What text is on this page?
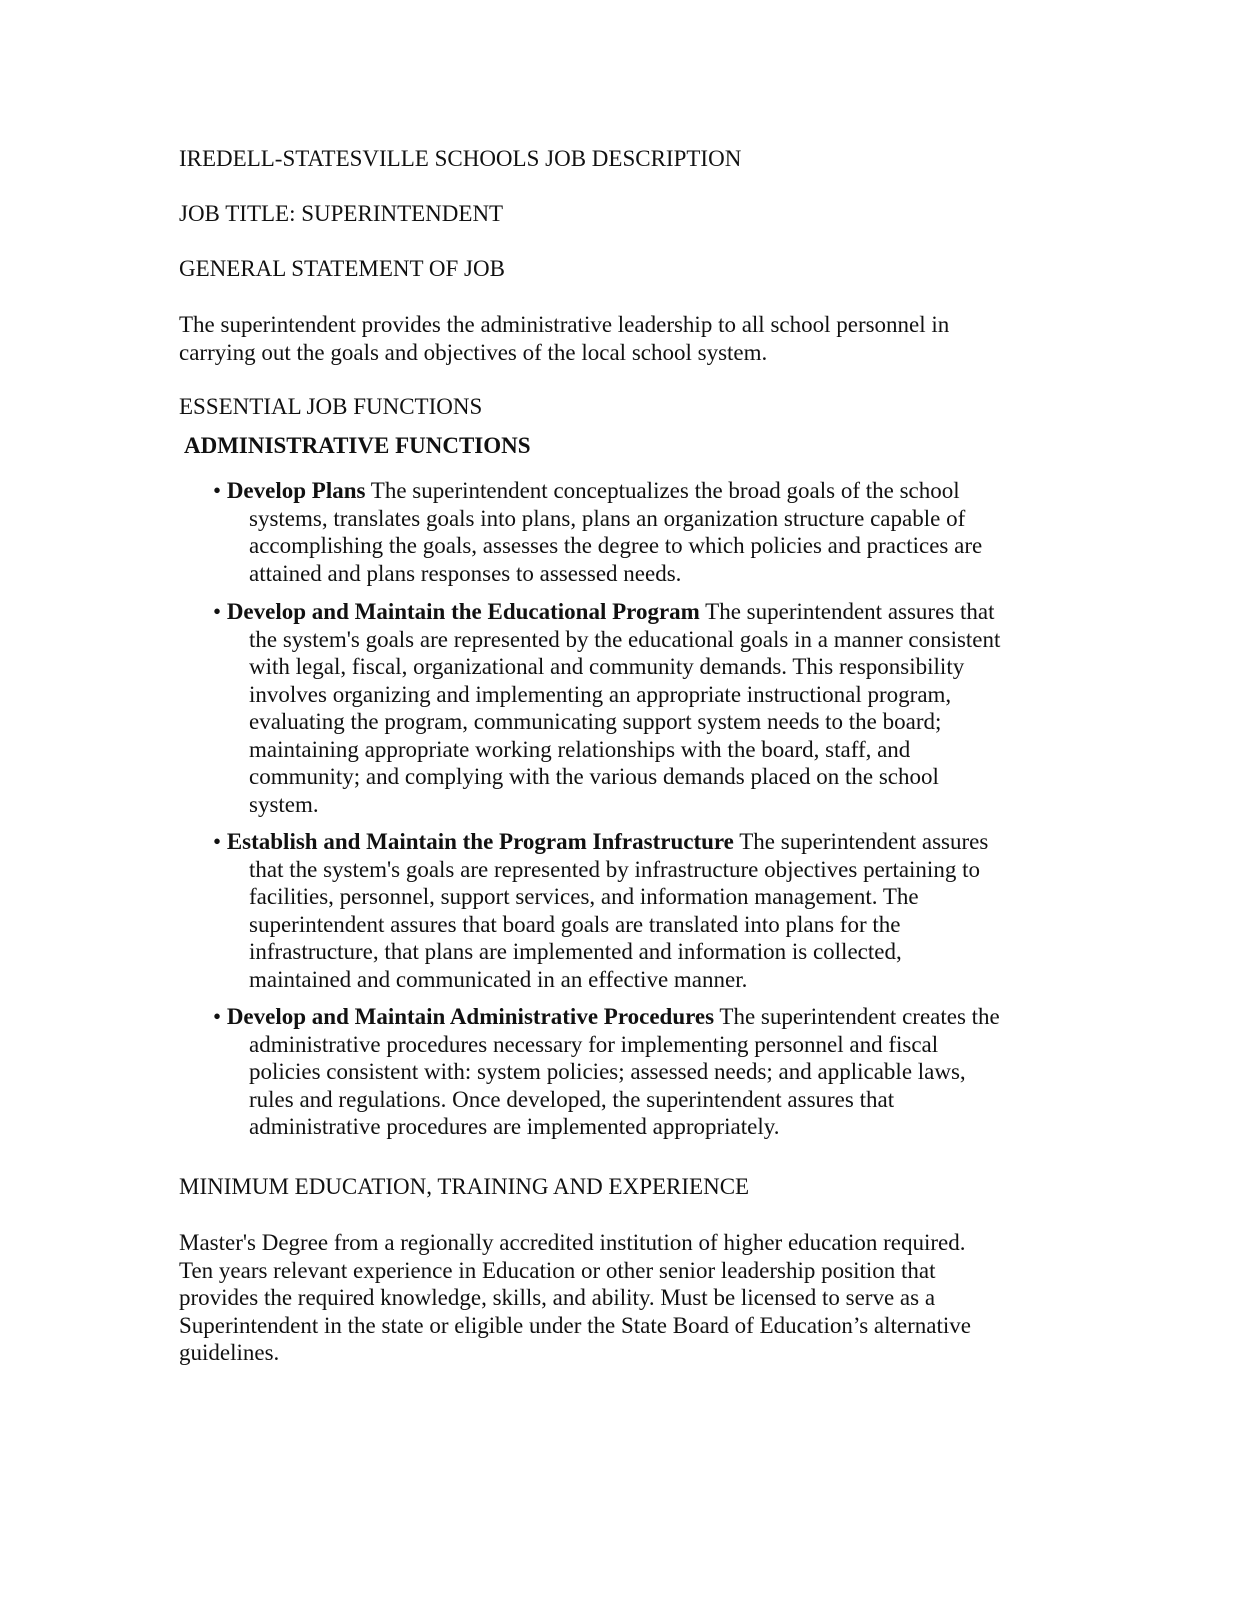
IREDELL-STATESVILLE SCHOOLS JOB DESCRIPTION
JOB TITLE: SUPERINTENDENT
GENERAL STATEMENT OF JOB
The superintendent provides the administrative leadership to all school personnel in
carrying out the goals and objectives of the local school system.
ESSENTIAL JOB FUNCTIONS
ADMINISTRATIVE FUNCTIONS
• Develop Plans The superintendent conceptualizes the broad goals of the school
systems, translates goals into plans, plans an organization structure capable of
accomplishing the goals, assesses the degree to which policies and practices are
attained and plans responses to assessed needs.
• Develop and Maintain the Educational Program The superintendent assures that
the system's goals are represented by the educational goals in a manner consistent
with legal, fiscal, organizational and community demands. This responsibility
involves organizing and implementing an appropriate instructional program,
evaluating the program, communicating support system needs to the board;
maintaining appropriate working relationships with the board, staff, and
community; and complying with the various demands placed on the school
system.
• Establish and Maintain the Program Infrastructure The superintendent assures
that the system's goals are represented by infrastructure objectives pertaining to
facilities, personnel, support services, and information management. The
superintendent assures that board goals are translated into plans for the
infrastructure, that plans are implemented and information is collected,
maintained and communicated in an effective manner.
• Develop and Maintain Administrative Procedures The superintendent creates the
administrative procedures necessary for implementing personnel and fiscal
policies consistent with: system policies; assessed needs; and applicable laws,
rules and regulations. Once developed, the superintendent assures that
administrative procedures are implemented appropriately.
MINIMUM EDUCATION, TRAINING AND EXPERIENCE
Master's Degree from a regionally accredited institution of higher education required.
Ten years relevant experience in Education or other senior leadership position that
provides the required knowledge, skills, and ability. Must be licensed to serve as a
Superintendent in the state or eligible under the State Board of Education’s alternative
guidelines.
